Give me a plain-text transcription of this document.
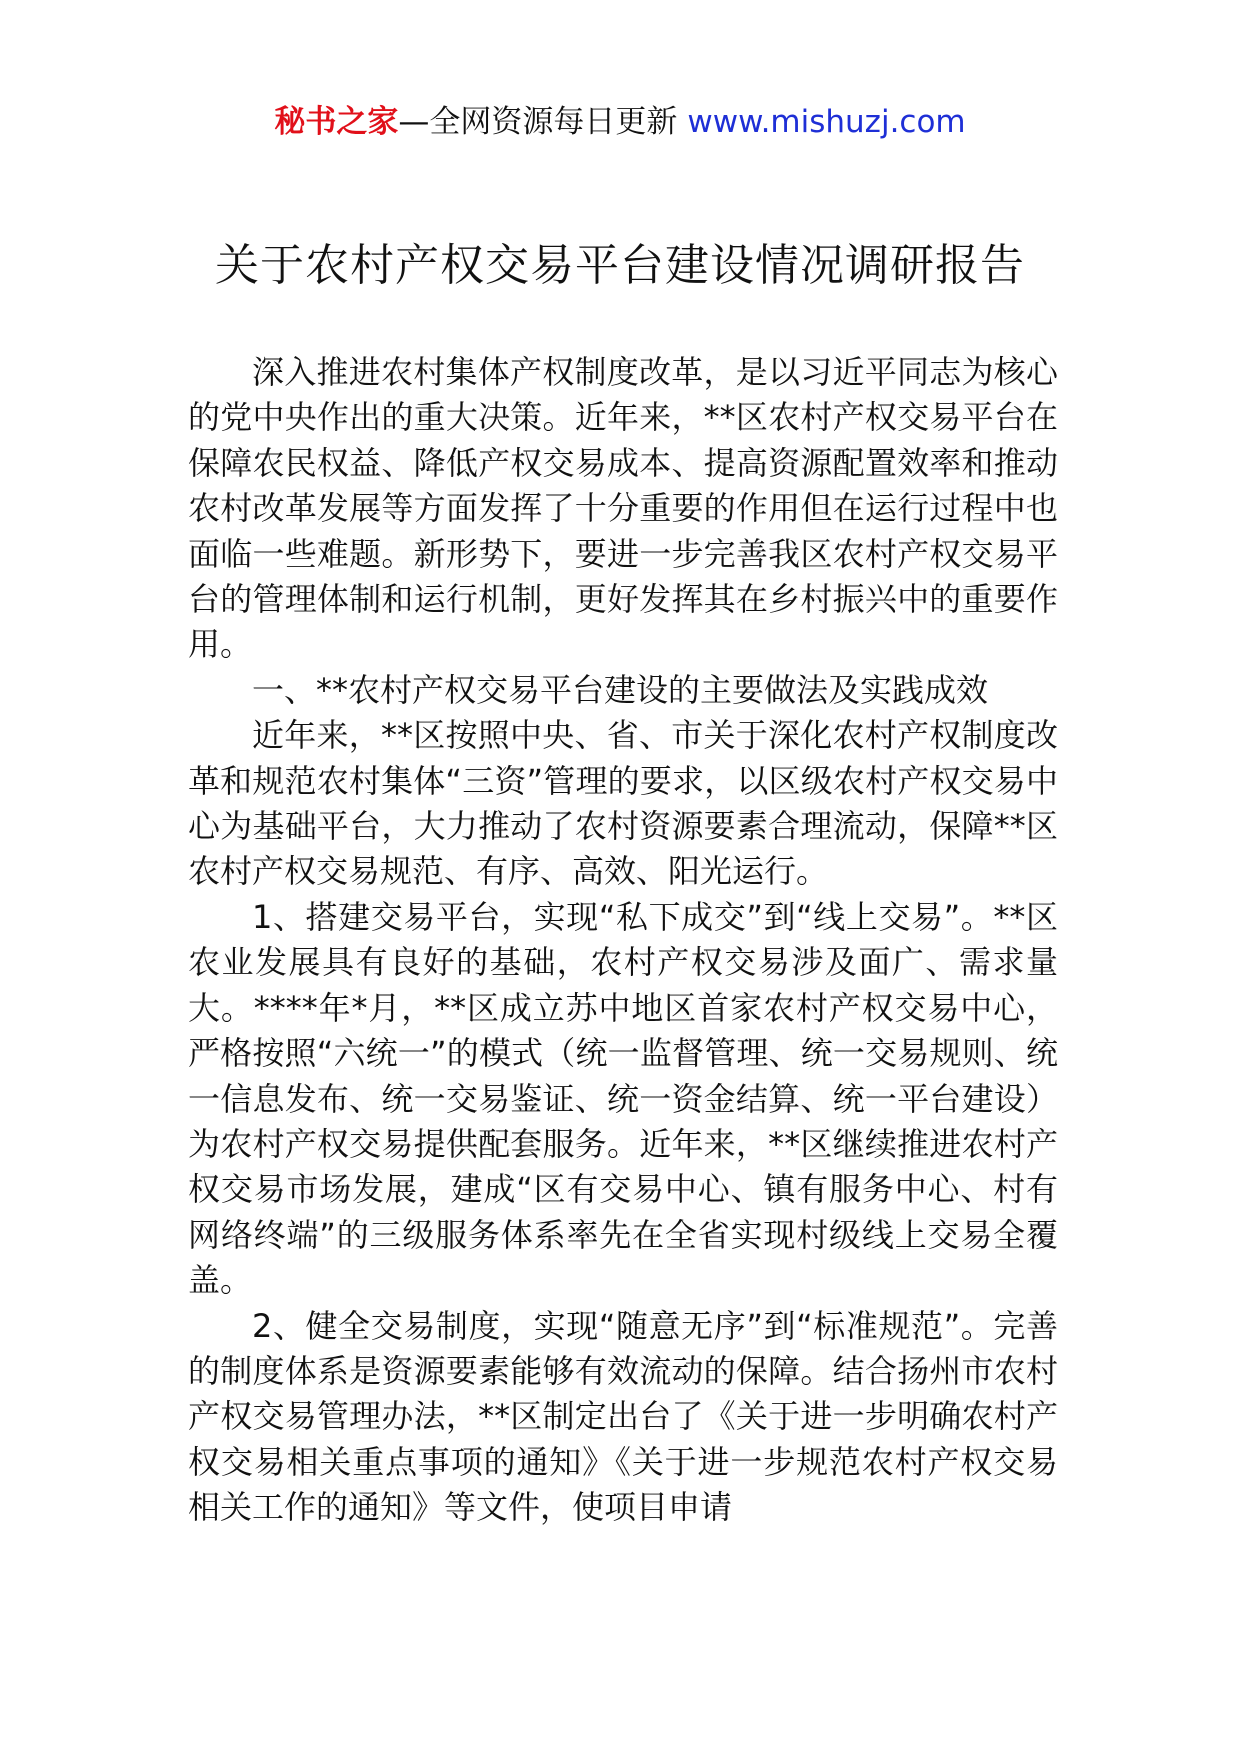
秘书之家—全网资源每日更新 www.mishuzj.com
关于农村产权交易平台建设情况调研报告

深入推进农村集体产权制度改革，是以习近平同志为核心的党中央作出的重大决策。近年来，**区农村产权交易平台在保障农民权益、降低产权交易成本、提高资源配置效率和推动农村改革发展等方面发挥了十分重要的作用但在运行过程中也面临一些难题。新形势下，要进一步完善我区农村产权交易平台的管理体制和运行机制，更好发挥其在乡村振兴中的重要作用。

一、**农村产权交易平台建设的主要做法及实践成效

近年来，**区按照中央、省、市关于深化农村产权制度改革和规范农村集体“三资”管理的要求，以区级农村产权交易中心为基础平台，大力推动了农村资源要素合理流动，保障**区农村产权交易规范、有序、高效、阳光运行。

1、搭建交易平台，实现“私下成交”到“线上交易”。**区农业发展具有良好的基础，农村产权交易涉及面广、需求量大。****年*月，**区成立苏中地区首家农村产权交易中心，严格按照“六统一”的模式（统一监督管理、统一交易规则、统一信息发布、统一交易鉴证、统一资金结算、统一平台建设）为农村产权交易提供配套服务。近年来，**区继续推进农村产权交易市场发展，建成“区有交易中心、镇有服务中心、村有网络终端”的三级服务体系率先在全省实现村级线上交易全覆盖。

2、健全交易制度，实现“随意无序”到“标准规范”。完善的制度体系是资源要素能够有效流动的保障。结合扬州市农村产权交易管理办法，**区制定出台了《关于进一步明确农村产权交易相关重点事项的通知》《关于进一步规范农村产权交易相关工作的通知》等文件，使项目申请
